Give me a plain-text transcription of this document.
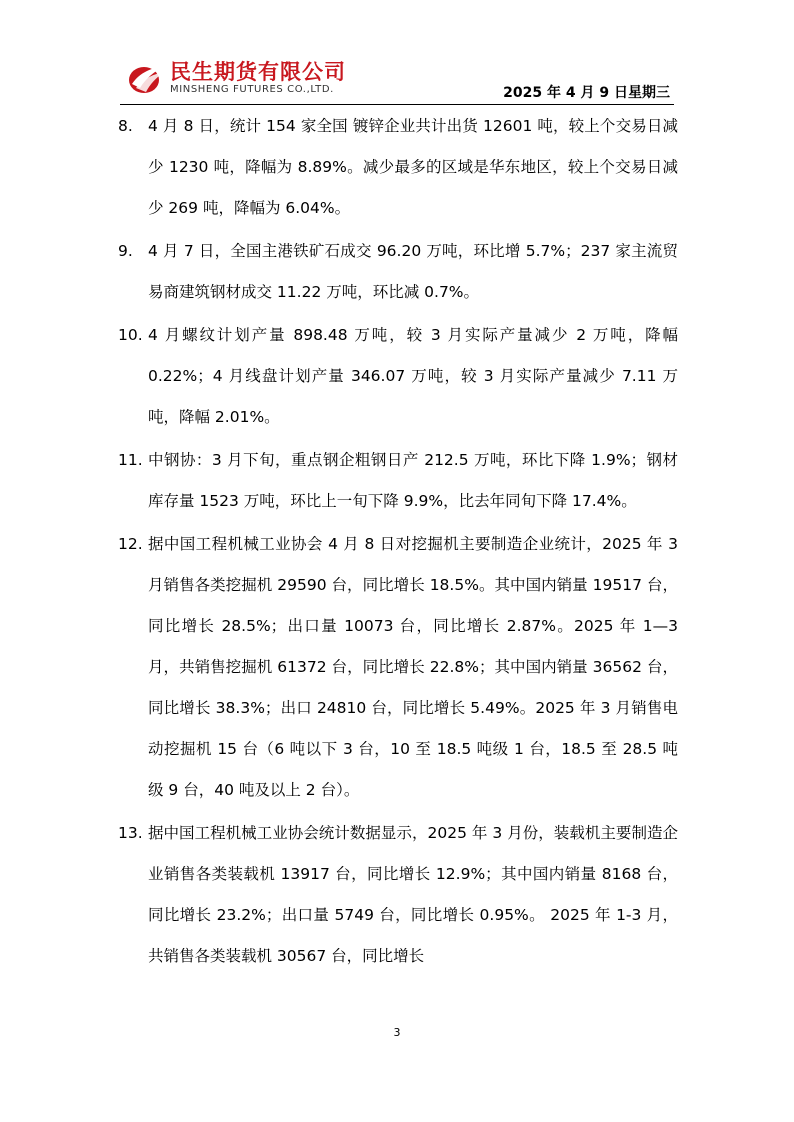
民生期货有限公司
MINSHENG FUTURES CO.,LTD.	2025 年 4 月 9 日星期三
8. 4 月 8 日，统计 154 家全国 镀锌企业共计出货 12601 吨，较上个交易日减少 1230 吨，降幅为 8.89%。减少最多的区域是华东地区，较上个交易日减少 269 吨，降幅为 6.04%。
9. 4 月 7 日，全国主港铁矿石成交 96.20 万吨，环比增 5.7%；237 家主流贸易商建筑钢材成交 11.22 万吨，环比减 0.7%。
10. 4 月螺纹计划产量 898.48 万吨，较 3 月实际产量减少 2 万吨，降幅 0.22%；4 月线盘计划产量 346.07 万吨，较 3 月实际产量减少 7.11 万吨，降幅 2.01%。
11. 中钢协：3 月下旬，重点钢企粗钢日产 212.5 万吨，环比下降 1.9%；钢材库存量 1523 万吨，环比上一旬下降 9.9%，比去年同旬下降 17.4%。
12. 据中国工程机械工业协会 4 月 8 日对挖掘机主要制造企业统计，2025 年 3 月销售各类挖掘机 29590 台，同比增长 18.5%。其中国内销量 19517 台，同比增长 28.5%；出口量 10073 台，同比增长 2.87%。2025 年 1—3 月，共销售挖掘机 61372 台，同比增长 22.8%；其中国内销量 36562 台，同比增长 38.3%；出口 24810 台，同比增长 5.49%。2025 年 3 月销售电动挖掘机 15 台（6 吨以下 3 台，10 至 18.5 吨级 1 台，18.5 至 28.5 吨级 9 台，40 吨及以上 2 台）。
13. 据中国工程机械工业协会统计数据显示，2025 年 3 月份，装载机主要制造企业销售各类装载机 13917 台，同比增长 12.9%；其中国内销量 8168 台，同比增长 23.2%；出口量 5749 台，同比增长 0.95%。 2025 年 1-3 月，共销售各类装载机 30567 台，同比增长
3
